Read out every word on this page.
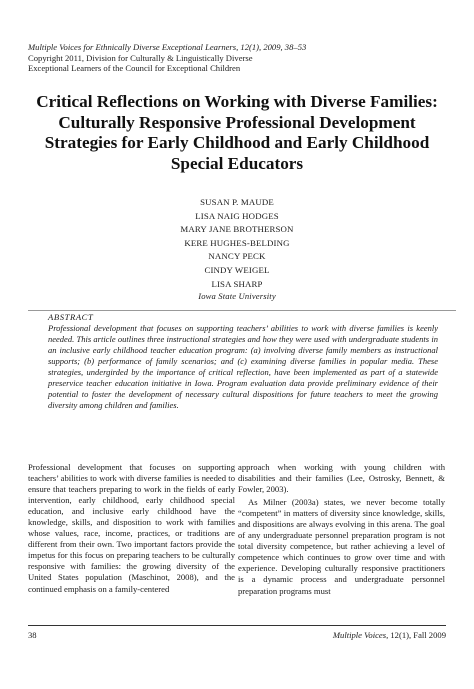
Multiple Voices for Ethnically Diverse Exceptional Learners, 12(1), 2009, 38–53
Copyright 2011, Division for Culturally & Linguistically Diverse
Exceptional Learners of the Council for Exceptional Children
Critical Reflections on Working with Diverse Families: Culturally Responsive Professional Development Strategies for Early Childhood and Early Childhood Special Educators
SUSAN P. MAUDE
LISA NAIG HODGES
MARY JANE BROTHERSON
KERE HUGHES-BELDING
NANCY PECK
CINDY WEIGEL
LISA SHARP
Iowa State University
ABSTRACT
Professional development that focuses on supporting teachers’ abilities to work with diverse families is keenly needed. This article outlines three instructional strategies and how they were used with undergraduate students in an inclusive early childhood teacher education program: (a) involving diverse family members as instructional supports; (b) performance of family scenarios; and (c) examining diverse families in popular media. These strategies, undergirded by the importance of critical reflection, have been implemented as part of a statewide preservice teacher education initiative in Iowa. Program evaluation data provide preliminary evidence of their potential to foster the development of necessary cultural dispositions for future teachers to meet the growing diversity among children and families.

Professional development that focuses on supporting teachers’ abilities to work with diverse families is needed to ensure that teachers preparing to work in the fields of early intervention, early childhood, early childhood special education, and inclusive early childhood have the knowledge, skills, and disposition to work with families whose values, race, income, practices, or traditions are different from their own. Two important factors provide the impetus for this focus on preparing teachers to be culturally responsive with families: the growing diversity of the United States population (Maschinot, 2008), and the continued emphasis on a family-centered

approach when working with young children with disabilities and their families (Lee, Ostrosky, Bennett, & Fowler, 2003).

As Milner (2003a) states, we never become totally “competent” in matters of diversity since knowledge, skills, and dispositions are always evolving in this arena. The goal of any undergraduate personnel preparation program is not total diversity competence, but rather achieving a level of competence which continues to grow over time and with experience. Developing culturally responsive practitioners is a dynamic process and undergraduate personnel preparation programs must

38	Multiple Voices, 12(1), Fall 2009
